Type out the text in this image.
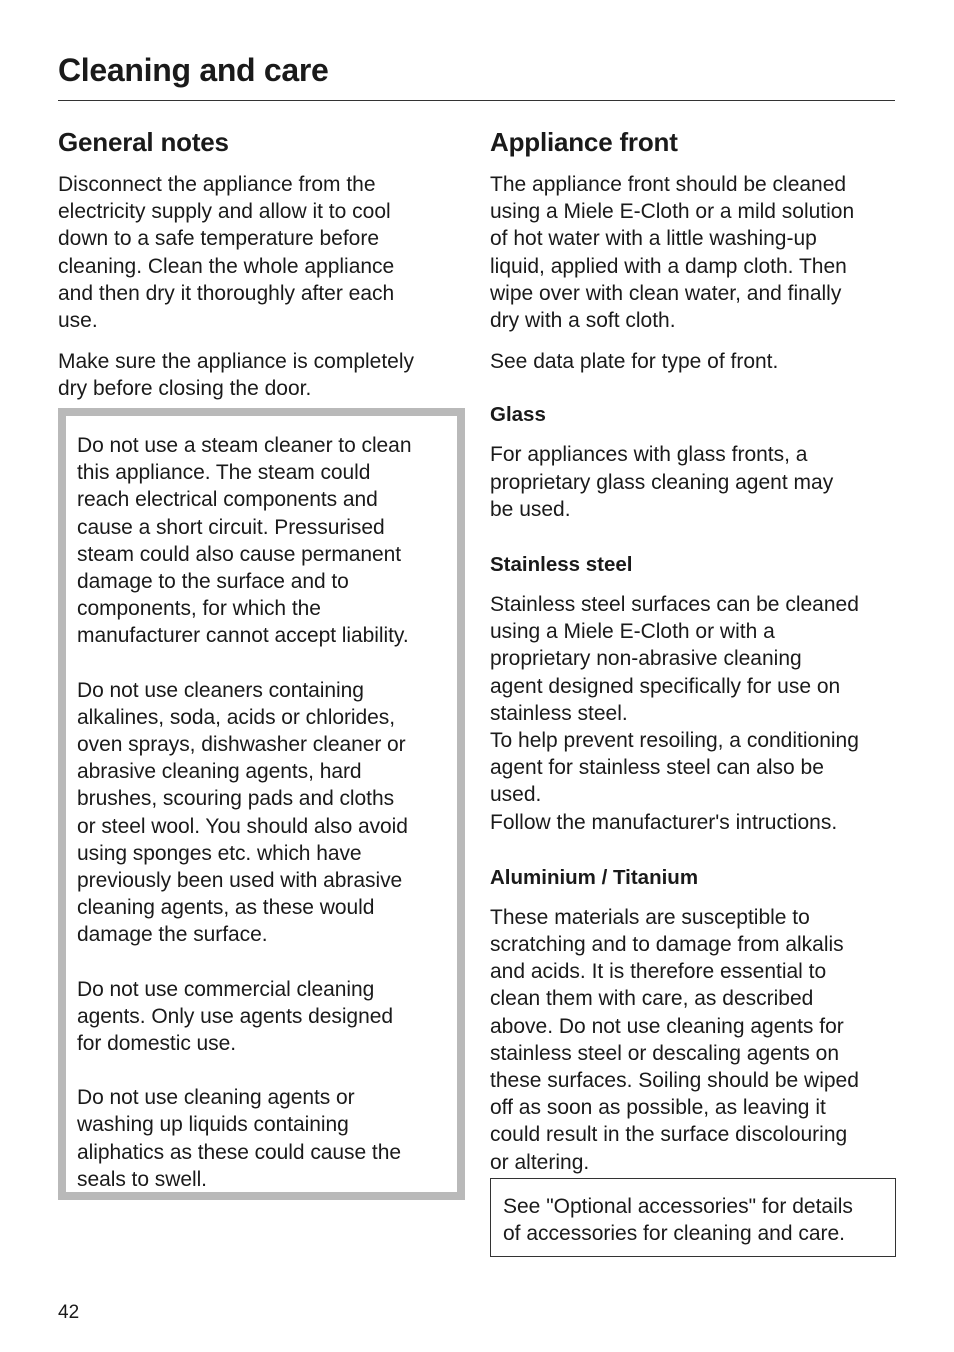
Cleaning and care
General notes

Disconnect the appliance from the
electricity supply and allow it to cool
down to a safe temperature before
cleaning. Clean the whole appliance
and then dry it thoroughly after each
use.

Make sure the appliance is completely
dry before closing the door.

Do not use a steam cleaner to clean
this appliance. The steam could
reach electrical components and
cause a short circuit. Pressurised
steam could also cause permanent
damage to the surface and to
components, for which the
manufacturer cannot accept liability.

Do not use cleaners containing
alkalines, soda, acids or chlorides,
oven sprays, dishwasher cleaner or
abrasive cleaning agents, hard
brushes, scouring pads and cloths
or steel wool. You should also avoid
using sponges etc. which have
previously been used with abrasive
cleaning agents, as these would
damage the surface.

Do not use commercial cleaning
agents. Only use agents designed
for domestic use.

Do not use cleaning agents or
washing up liquids containing
aliphatics as these could cause the
seals to swell.

Appliance front

The appliance front should be cleaned
using a Miele E-Cloth or a mild solution
of hot water with a little washing-up
liquid, applied with a damp cloth. Then
wipe over with clean water, and finally
dry with a soft cloth.

See data plate for type of front.

Glass

For appliances with glass fronts, a
proprietary glass cleaning agent may
be used.

Stainless steel

Stainless steel surfaces can be cleaned
using a Miele E-Cloth or with a
proprietary non-abrasive cleaning
agent designed specifically for use on
stainless steel.
To help prevent resoiling, a conditioning
agent for stainless steel can also be
used.
Follow the manufacturer's intructions.

Aluminium / Titanium

These materials are susceptible to
scratching and to damage from alkalis
and acids. It is therefore essential to
clean them with care, as described
above. Do not use cleaning agents for
stainless steel or descaling agents on
these surfaces. Soiling should be wiped
off as soon as possible, as leaving it
could result in the surface discolouring
or altering.

See "Optional accessories" for details
of accessories for cleaning and care.

42
